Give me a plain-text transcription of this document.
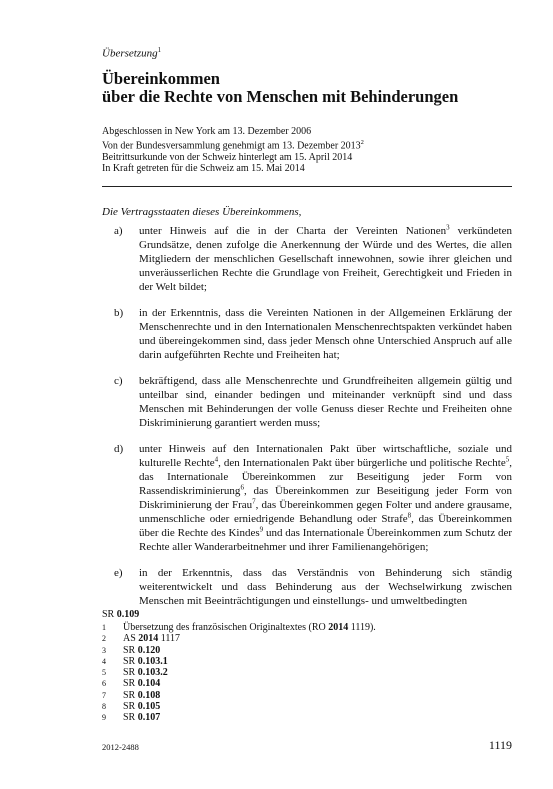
Übersetzung$^1$
Übereinkommen
über die Rechte von Menschen mit Behinderungen
Abgeschlossen in New York am 13. Dezember 2006
Von der Bundesversammlung genehmigt am 13. Dezember 2013$^2$
Beitrittsurkunde von der Schweiz hinterlegt am 15. April 2014
In Kraft getreten für die Schweiz am 15. Mai 2014
Die Vertragsstaaten dieses Übereinkommens,
a) unter Hinweis auf die in der Charta der Vereinten Nationen$^3$ verkündeten Grundsätze, denen zufolge die Anerkennung der Würde und des Wertes, die allen Mitgliedern der menschlichen Gesellschaft innewohnen, sowie ihrer gleichen und unveräusserlichen Rechte die Grundlage von Freiheit, Gerechtigkeit und Frieden in der Welt bildet;
b) in der Erkenntnis, dass die Vereinten Nationen in der Allgemeinen Erklärung der Menschenrechte und in den Internationalen Menschenrechtspakten verkündet haben und übereingekommen sind, dass jeder Mensch ohne Unterschied Anspruch auf alle darin aufgeführten Rechte und Freiheiten hat;
c) bekräftigend, dass alle Menschenrechte und Grundfreiheiten allgemein gültig und unteilbar sind, einander bedingen und miteinander verknüpft sind und dass Menschen mit Behinderungen der volle Genuss dieser Rechte und Freiheiten ohne Diskriminierung garantiert werden muss;
d) unter Hinweis auf den Internationalen Pakt über wirtschaftliche, soziale und kulturelle Rechte$^4$, den Internationalen Pakt über bürgerliche und politische Rechte$^5$, das Internationale Übereinkommen zur Beseitigung jeder Form von Rassendiskriminierung$^6$, das Übereinkommen zur Beseitigung jeder Form von Diskriminierung der Frau$^7$, das Übereinkommen gegen Folter und andere grausame, unmenschliche oder erniedrigende Behandlung oder Strafe$^8$, das Übereinkommen über die Rechte des Kindes$^9$ und das Internationale Übereinkommen zum Schutz der Rechte aller Wanderarbeitnehmer und ihrer Familienangehörigen;
e) in der Erkenntnis, dass das Verständnis von Behinderung sich ständig weiterentwickelt und dass Behinderung aus der Wechselwirkung zwischen Menschen mit Beeinträchtigungen und einstellungs- und umweltbedingten
SR 0.109
1 Übersetzung des französischen Originaltextes (RO 2014 1119).
2 AS 2014 1117
3 SR 0.120
4 SR 0.103.1
5 SR 0.103.2
6 SR 0.104
7 SR 0.108
8 SR 0.105
9 SR 0.107
2012-2488	1119
